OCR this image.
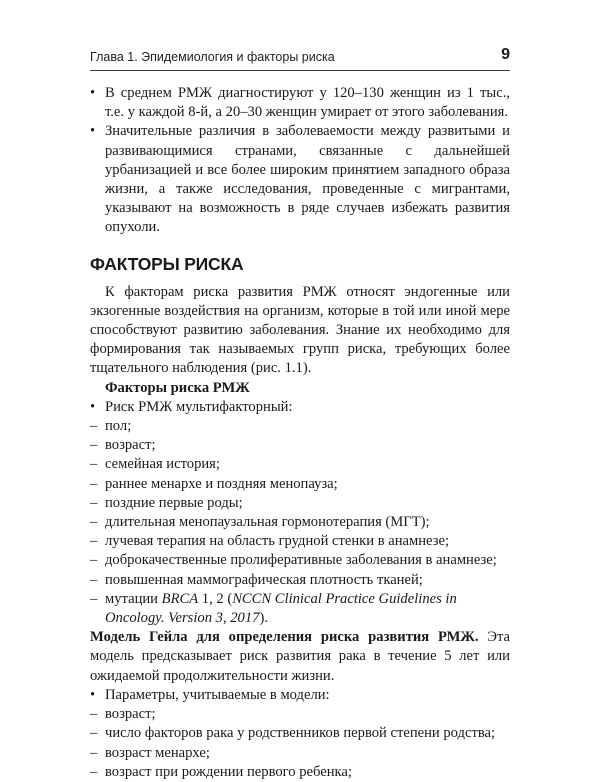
Глава 1. Эпидемиология и факторы риска	9

• В среднем РМЖ диагностируют у 120–130 женщин из 1 тыс., т.е. у каждой 8-й, а 20–30 женщин умирает от этого заболевания.

• Значительные различия в заболеваемости между развитыми и развивающимися странами, связанные с дальнейшей урбанизацией и все более широким принятием западного образа жизни, а также исследования, проведенные с мигрантами, указывают на возможность в ряде случаев избежать развития опухоли.

ФАКТОРЫ РИСКА

К факторам риска развития РМЖ относят эндогенные или экзогенные воздействия на организм, которые в той или иной мере способствуют развитию заболевания. Знание их необходимо для формирования так называемых групп риска, требующих более тщательного наблюдения (рис. 1.1).

Факторы риска РМЖ

• Риск РМЖ мультифакторный:

– пол;

– возраст;

– семейная история;

– раннее менархе и поздняя менопауза;

– поздние первые роды;

– длительная менопаузальная гормонотерапия (МГТ);

– лучевая терапия на область грудной стенки в анамнезе;

– доброкачественные пролиферативные заболевания в анамнезе;

– повышенная маммографическая плотность тканей;

– мутации BRCA 1, 2 (NCCN Clinical Practice Guidelines in Oncology. Version 3, 2017).

Модель Гейла для определения риска развития РМЖ. Эта модель предсказывает риск развития рака в течение 5 лет или ожидаемой продолжительности жизни.

• Параметры, учитываемые в модели:

– возраст;

– число факторов рака у родственников первой степени родства;

– возраст менархе;

– возраст при рождении первого ребенка;
